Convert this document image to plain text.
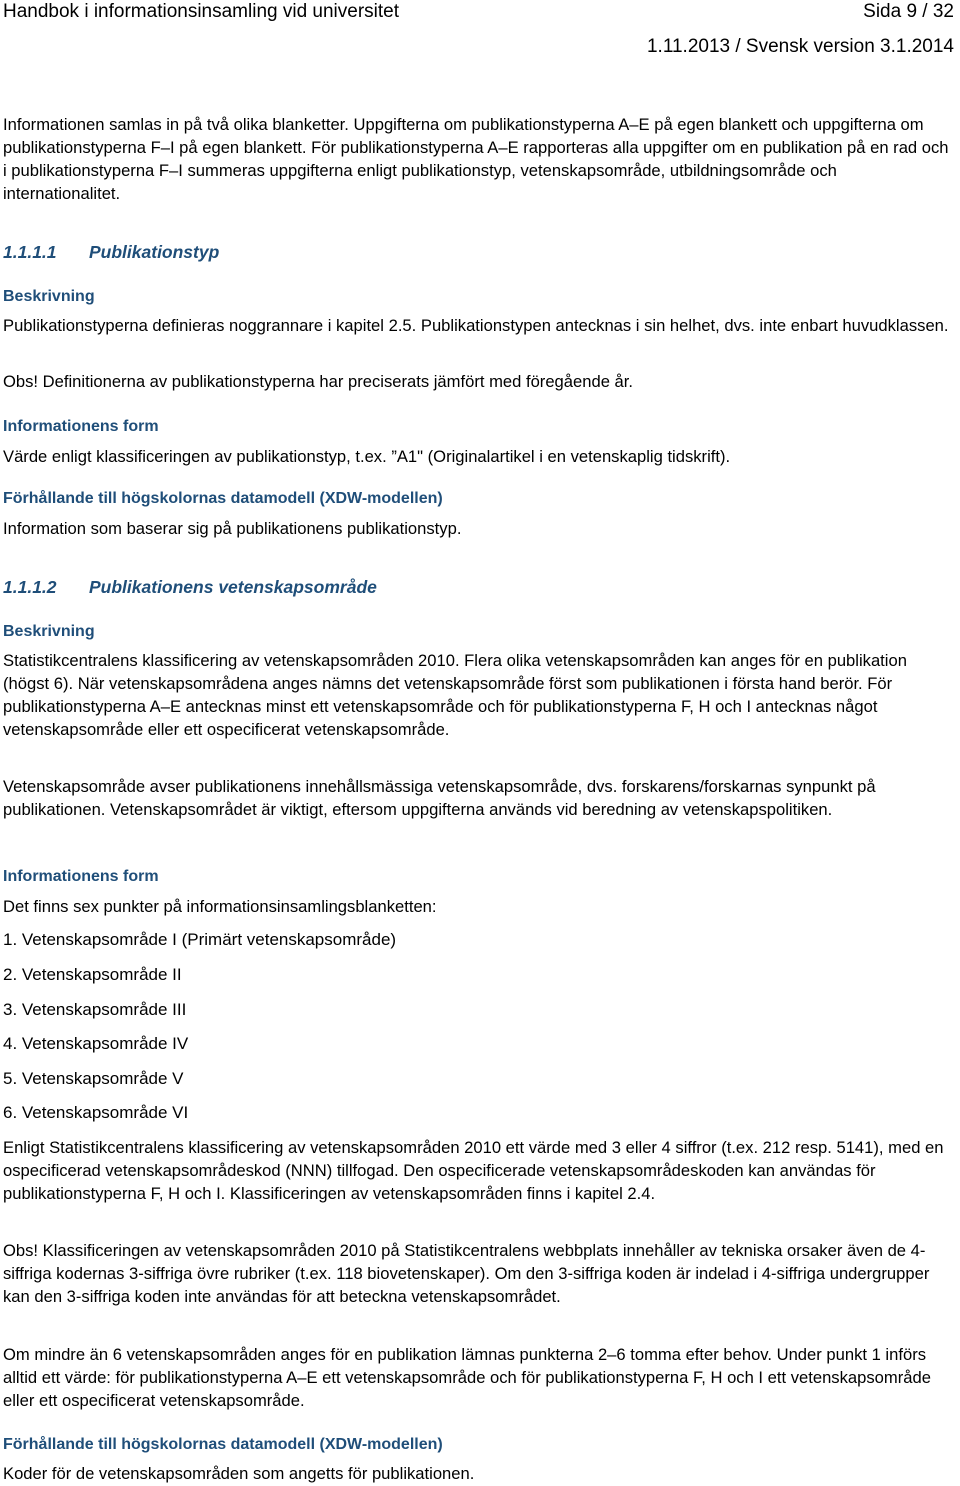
Handbok i informationsinsamling vid universitet	Sida 9 / 32
1.11.2013 / Svensk version 3.1.2014

Informationen samlas in på två olika blanketter. Uppgifterna om publikationstyperna A–E på egen blankett och uppgifterna om publikationstyperna F–I på egen blankett. För publikationstyperna A–E rapporteras alla uppgifter om en publikation på en rad och i publikationstyperna F–I summeras uppgifterna enligt publikationstyp, vetenskapsområde, utbildningsområde och internationalitet.

1.1.1.1 Publikationstyp

Beskrivning

Publikationstyperna definieras noggrannare i kapitel 2.5. Publikationstypen antecknas i sin helhet, dvs. inte enbart huvudklassen.

Obs! Definitionerna av publikationstyperna har preciserats jämfört med föregående år.

Informationens form

Värde enligt klassificeringen av publikationstyp, t.ex. ”A1" (Originalartikel i en vetenskaplig tidskrift).

Förhållande till högskolornas datamodell (XDW-modellen)

Information som baserar sig på publikationens publikationstyp.

1.1.1.2 Publikationens vetenskapsområde

Beskrivning

Statistikcentralens klassificering av vetenskapsområden 2010. Flera olika vetenskapsområden kan anges för en publikation (högst 6). När vetenskapsområdena anges nämns det vetenskapsområde först som publikationen i första hand berör. För publikationstyperna A–E antecknas minst ett vetenskapsområde och för publikationstyperna F, H och I antecknas något vetenskapsområde eller ett ospecificerat vetenskapsområde.

Vetenskapsområde avser publikationens innehållsmässiga vetenskapsområde, dvs. forskarens/forskarnas synpunkt på publikationen. Vetenskapsområdet är viktigt, eftersom uppgifterna används vid beredning av vetenskapspolitiken.

Informationens form

Det finns sex punkter på informationsinsamlingsblanketten:

1. Vetenskapsområde I (Primärt vetenskapsområde)

2. Vetenskapsområde II

3. Vetenskapsområde III

4. Vetenskapsområde IV

5. Vetenskapsområde V

6. Vetenskapsområde VI

Enligt Statistikcentralens klassificering av vetenskapsområden 2010 ett värde med 3 eller 4 siffror (t.ex. 212 resp. 5141), med en ospecificerad vetenskapsområdeskod (NNN) tillfogad. Den ospecificerade vetenskapsområdeskoden kan användas för publikationstyperna F, H och I. Klassificeringen av vetenskapsområden finns i kapitel 2.4.

Obs! Klassificeringen av vetenskapsområden 2010 på Statistikcentralens webbplats innehåller av tekniska orsaker även de 4-siffriga kodernas 3-siffriga övre rubriker (t.ex. 118 biovetenskaper). Om den 3-siffriga koden är indelad i 4-siffriga undergrupper kan den 3-siffriga koden inte användas för att beteckna vetenskapsområdet.

Om mindre än 6 vetenskapsområden anges för en publikation lämnas punkterna 2–6 tomma efter behov. Under punkt 1 införs alltid ett värde: för publikationstyperna A–E ett vetenskapsområde och för publikationstyperna F, H och I ett vetenskapsområde eller ett ospecificerat vetenskapsområde.

Förhållande till högskolornas datamodell (XDW-modellen)

Koder för de vetenskapsområden som angetts för publikationen.
